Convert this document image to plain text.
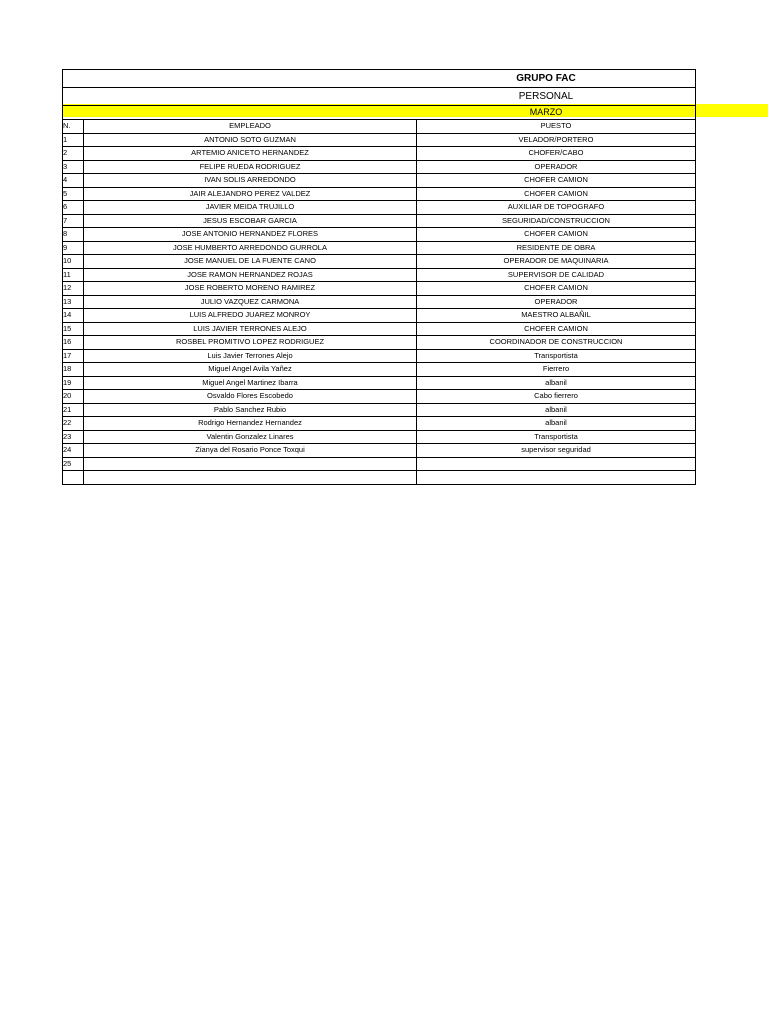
GRUPO FAC
PERSONAL
MARZO
N.	EMPLEADO	PUESTO
1	ANTONIO SOTO GUZMAN	VELADOR/PORTERO
2	ARTEMIO ANICETO HERNANDEZ	CHOFER/CABO
3	FELIPE RUEDA RODRIGUEZ	OPERADOR
4	IVAN SOLIS ARREDONDO	CHOFER CAMION
5	JAIR ALEJANDRO PEREZ VALDEZ	CHOFER CAMION
6	JAVIER MEIDA TRUJILLO	AUXILIAR DE TOPOGRAFO
7	JESUS ESCOBAR GARCIA	SEGURIDAD/CONSTRUCCION
8	JOSE ANTONIO HERNANDEZ FLORES	CHOFER CAMION
9	JOSE HUMBERTO ARREDONDO GURROLA	RESIDENTE DE OBRA
10	JOSE MANUEL DE LA FUENTE CANO	OPERADOR DE MAQUINARIA
11	JOSE RAMON HERNANDEZ ROJAS	SUPERVISOR DE CALIDAD
12	JOSE ROBERTO MORENO RAMIREZ	CHOFER CAMION
13	JULIO VAZQUEZ CARMONA	OPERADOR
14	LUIS ALFREDO JUAREZ MONROY	MAESTRO ALBAÑIL
15	LUIS JAVIER TERRONES ALEJO	CHOFER CAMION
16	ROSBEL PROMITIVO LOPEZ RODRIGUEZ	COORDINADOR DE CONSTRUCCION
17	Luis Javier Terrones Alejo	Transportista
18	Miguel Angel Avila Yañez	Fierrero
19	Miguel Angel Martinez Ibarra	albanil
20	Osvaldo Flores Escobedo	Cabo fierrero
21	Pablo Sanchez Rubio	albanil
22	Rodrigo Hernandez Hernandez	albanil
23	Valentin Gonzalez Linares	Transportista
24	Zianya del Rosario Ponce Toxqui	supervisor seguridad
25		
